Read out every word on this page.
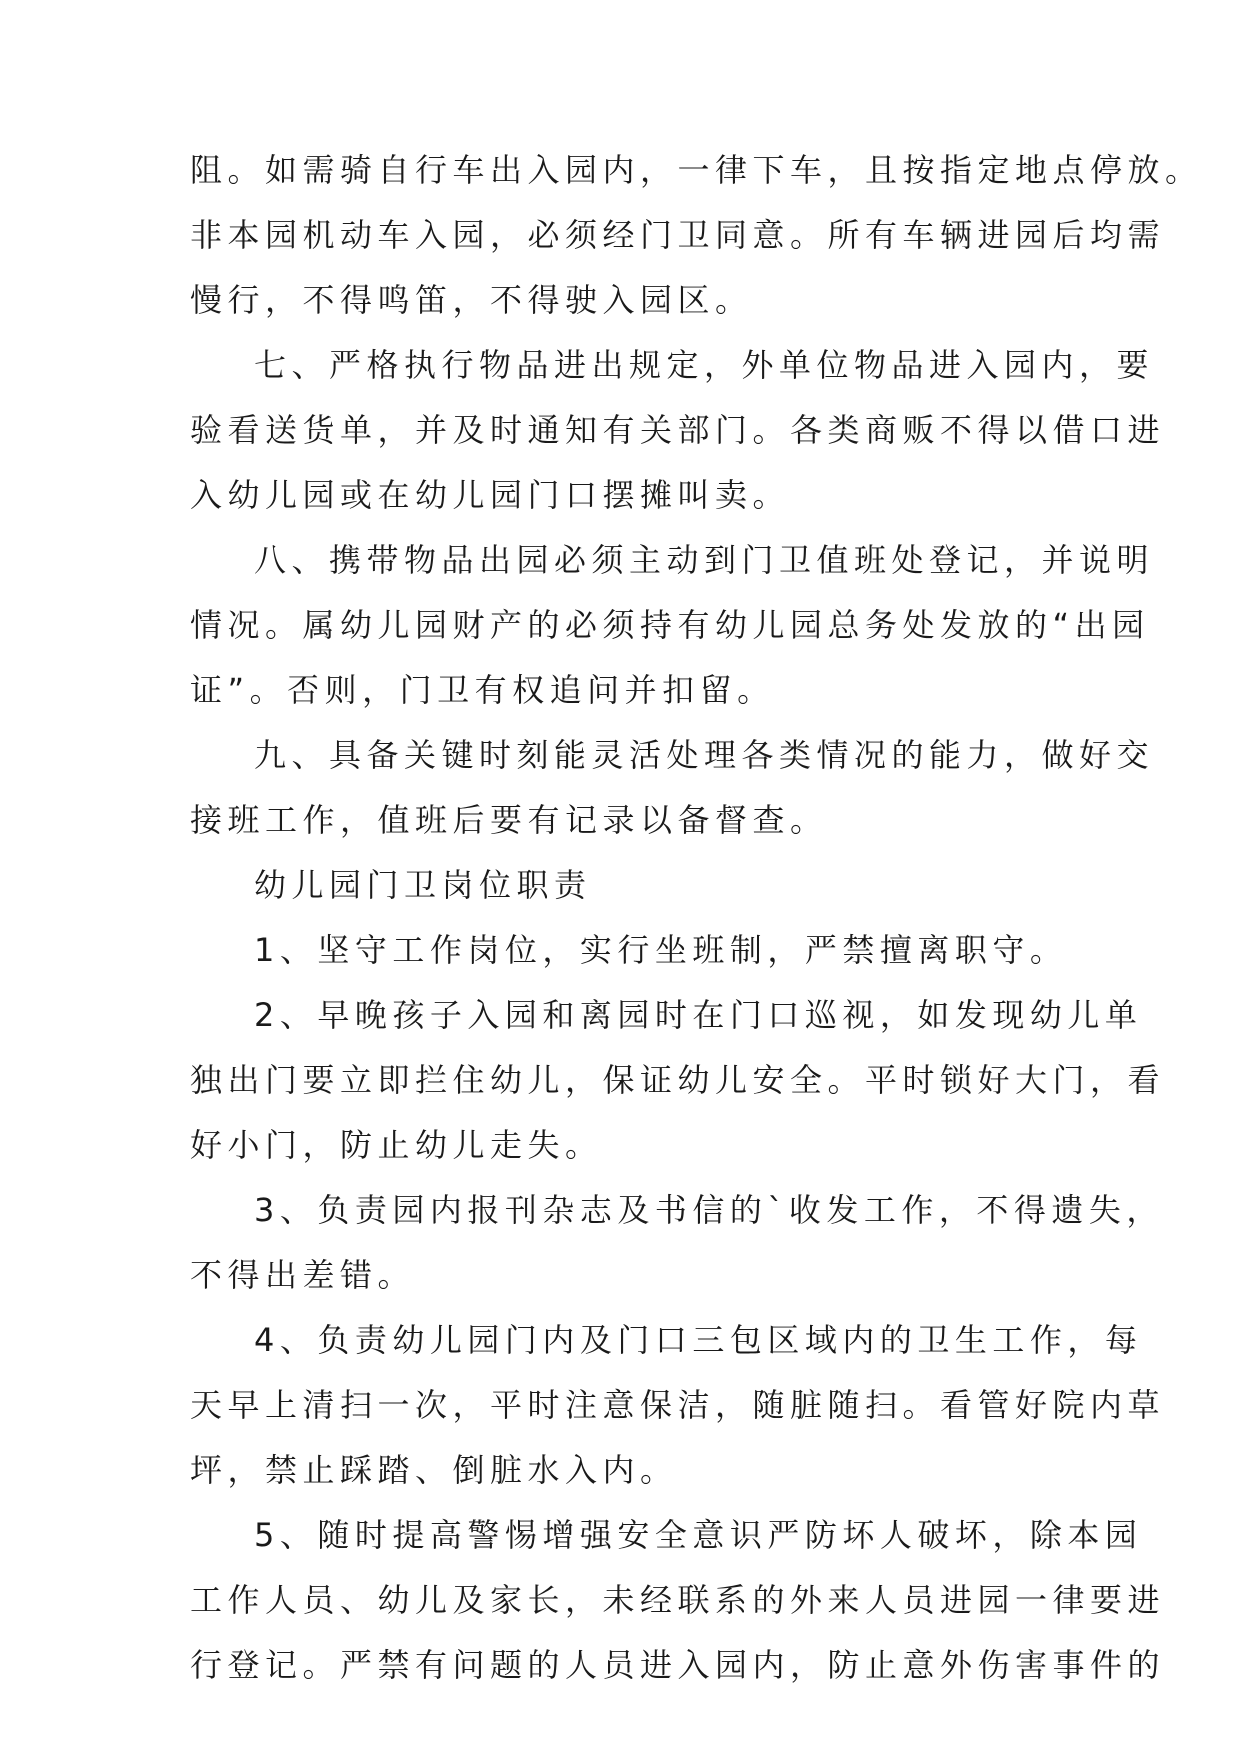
阻。如需骑自行车出入园内，一律下车，且按指定地点停放。
非本园机动车入园，必须经门卫同意。所有车辆进园后均需
慢行，不得鸣笛，不得驶入园区。
七、严格执行物品进出规定，外单位物品进入园内，要
验看送货单，并及时通知有关部门。各类商贩不得以借口进
入幼儿园或在幼儿园门口摆摊叫卖。
八、携带物品出园必须主动到门卫值班处登记，并说明
情况。属幼儿园财产的必须持有幼儿园总务处发放的“出园
证”。否则，门卫有权追问并扣留。
九、具备关键时刻能灵活处理各类情况的能力，做好交
接班工作，值班后要有记录以备督查。
幼儿园门卫岗位职责
1、坚守工作岗位，实行坐班制，严禁擅离职守。
2、早晚孩子入园和离园时在门口巡视，如发现幼儿单
独出门要立即拦住幼儿，保证幼儿安全。平时锁好大门，看
好小门，防止幼儿走失。
3、负责园内报刊杂志及书信的`收发工作，不得遗失，
不得出差错。
4、负责幼儿园门内及门口三包区域内的卫生工作，每
天早上清扫一次，平时注意保洁，随脏随扫。看管好院内草
坪，禁止踩踏、倒脏水入内。
5、随时提高警惕增强安全意识严防坏人破坏，除本园
工作人员、幼儿及家长，未经联系的外来人员进园一律要进
行登记。严禁有问题的人员进入园内，防止意外伤害事件的
